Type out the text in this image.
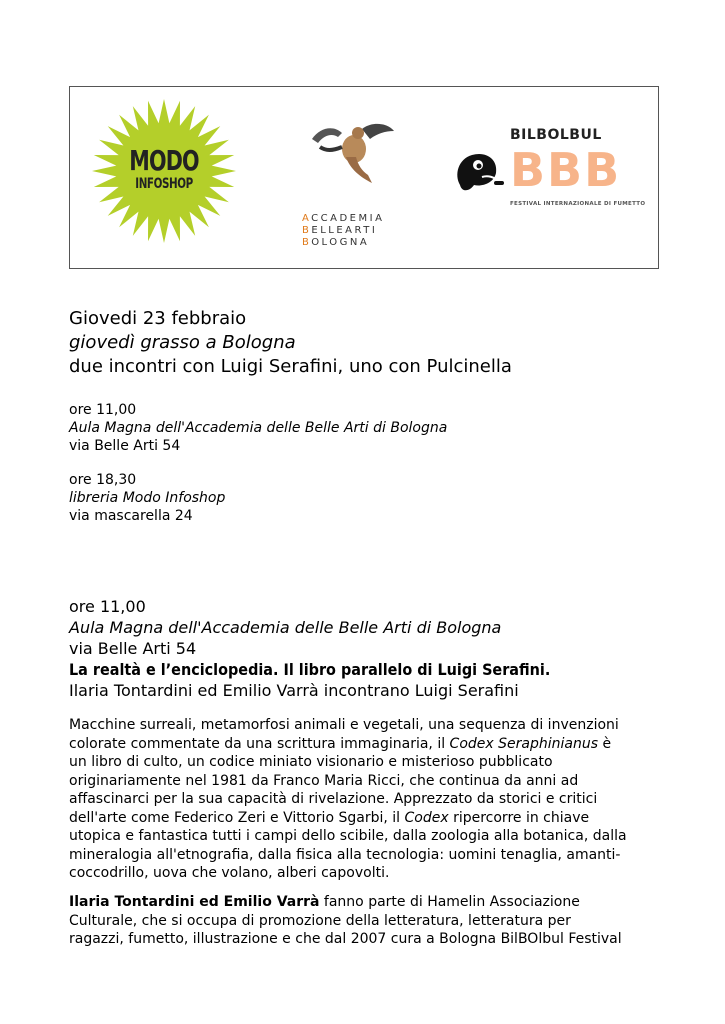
MODO
INFOSHOP
ACCADEMIA
BELLEARTI
BOLOGNA
BILBOLBUL
BBB
FESTIVAL INTERNAZIONALE DI FUMETTO
Giovedi 23 febbraio
giovedì grasso a Bologna
due incontri con Luigi Serafini, uno con Pulcinella
ore 11,00
Aula Magna dell'Accademia delle Belle Arti di Bologna
via Belle Arti 54
ore 18,30
libreria Modo Infoshop
via mascarella 24
ore 11,00
Aula Magna dell'Accademia delle Belle Arti di Bologna
via Belle Arti 54
La realtà e l’enciclopedia. Il libro parallelo di Luigi Serafini.
Ilaria Tontardini ed Emilio Varrà incontrano Luigi Serafini
Macchine surreali, metamorfosi animali e vegetali, una sequenza di invenzioni
colorate commentate da una scrittura immaginaria, il Codex Seraphinianus è
un libro di culto, un codice miniato visionario e misterioso pubblicato
originariamente nel 1981 da Franco Maria Ricci, che continua da anni ad
affascinarci per la sua capacità di rivelazione. Apprezzato da storici e critici
dell'arte come Federico Zeri e Vittorio Sgarbi, il Codex ripercorre in chiave
utopica e fantastica tutti i campi dello scibile, dalla zoologia alla botanica, dalla
mineralogia all'etnografia, dalla fisica alla tecnologia: uomini tenaglia, amanti-
coccodrillo, uova che volano, alberi capovolti.
Ilaria Tontardini ed Emilio Varrà fanno parte di Hamelin Associazione
Culturale, che si occupa di promozione della letteratura, letteratura per
ragazzi, fumetto, illustrazione e che dal 2007 cura a Bologna BilBOlbul Festival
